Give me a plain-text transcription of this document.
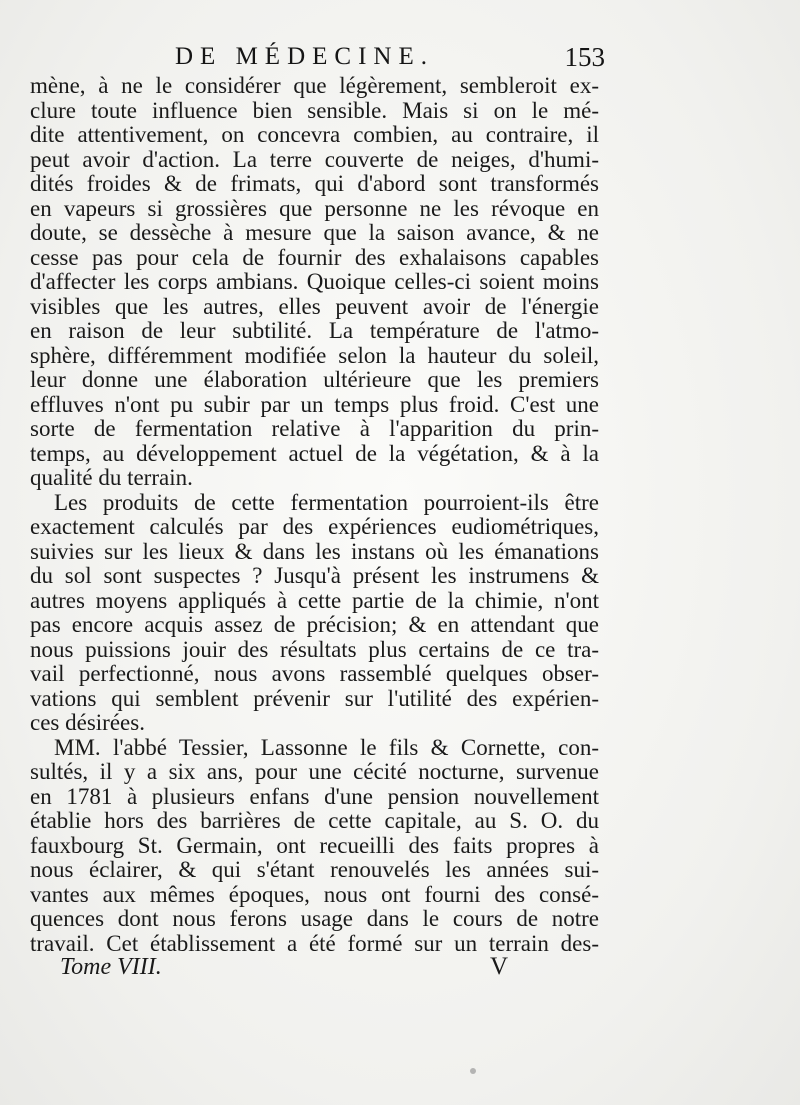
DE MÉDECINE.	153
mène, à ne le considérer que légèrement, sembleroit ex-
clure toute influence bien sensible. Mais si on le mé-
dite attentivement, on concevra combien, au contraire, il
peut avoir d'action. La terre couverte de neiges, d'humi-
dités froides & de frimats, qui d'abord sont transformés
en vapeurs si grossières que personne ne les révoque en
doute, se dessèche à mesure que la saison avance, & ne
cesse pas pour cela de fournir des exhalaisons capables
d'affecter les corps ambians. Quoique celles-ci soient moins
visibles que les autres, elles peuvent avoir de l'énergie
en raison de leur subtilité. La température de l'atmo-
sphère, différemment modifiée selon la hauteur du soleil,
leur donne une élaboration ultérieure que les premiers
effluves n'ont pu subir par un temps plus froid. C'est une
sorte de fermentation relative à l'apparition du prin-
temps, au développement actuel de la végétation, & à la
qualité du terrain.
Les produits de cette fermentation pourroient-ils être
exactement calculés par des expériences eudiométriques,
suivies sur les lieux & dans les instans où les émanations
du sol sont suspectes ? Jusqu'à présent les instrumens &
autres moyens appliqués à cette partie de la chimie, n'ont
pas encore acquis assez de précision; & en attendant que
nous puissions jouir des résultats plus certains de ce tra-
vail perfectionné, nous avons rassemblé quelques obser-
vations qui semblent prévenir sur l'utilité des expérien-
ces désirées.
MM. l'abbé Tessier, Lassonne le fils & Cornette, con-
sultés, il y a six ans, pour une cécité nocturne, survenue
en 1781 à plusieurs enfans d'une pension nouvellement
établie hors des barrières de cette capitale, au S. O. du
fauxbourg St. Germain, ont recueilli des faits propres à
nous éclairer, & qui s'étant renouvelés les années sui-
vantes aux mêmes époques, nous ont fourni des consé-
quences dont nous ferons usage dans le cours de notre
travail. Cet établissement a été formé sur un terrain des-
Tome VIII.	V
